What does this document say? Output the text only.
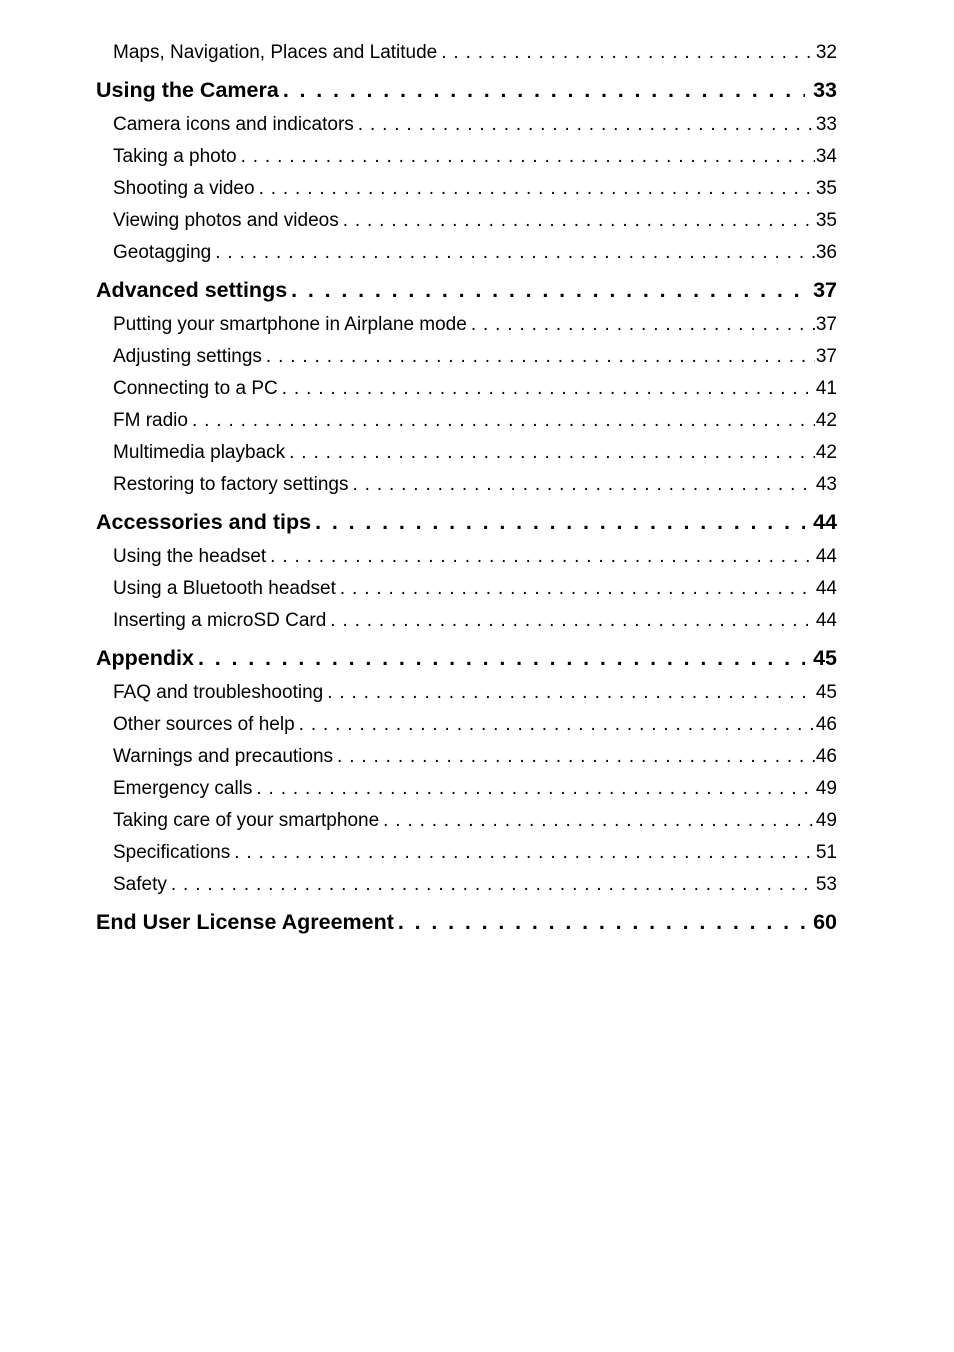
Maps, Navigation, Places and Latitude . . .	32
Using the Camera . . .	33
Camera icons and indicators . . .	33
Taking a photo . . .	34
Shooting a video . . .	35
Viewing photos and videos . . .	35
Geotagging . . .	36
Advanced settings . . .	37
Putting your smartphone in Airplane mode . . .	37
Adjusting settings . . .	37
Connecting to a PC . . .	41
FM radio . . .	42
Multimedia playback . . .	42
Restoring to factory settings . . .	43
Accessories and tips . . .	44
Using the headset . . .	44
Using a Bluetooth headset . . .	44
Inserting a microSD Card . . .	44
Appendix . . .	45
FAQ and troubleshooting . . .	45
Other sources of help . . .	46
Warnings and precautions . . .	46
Emergency calls . . .	49
Taking care of your smartphone . . .	49
Specifications . . .	51
Safety . . .	53
End User License Agreement . . .	60
